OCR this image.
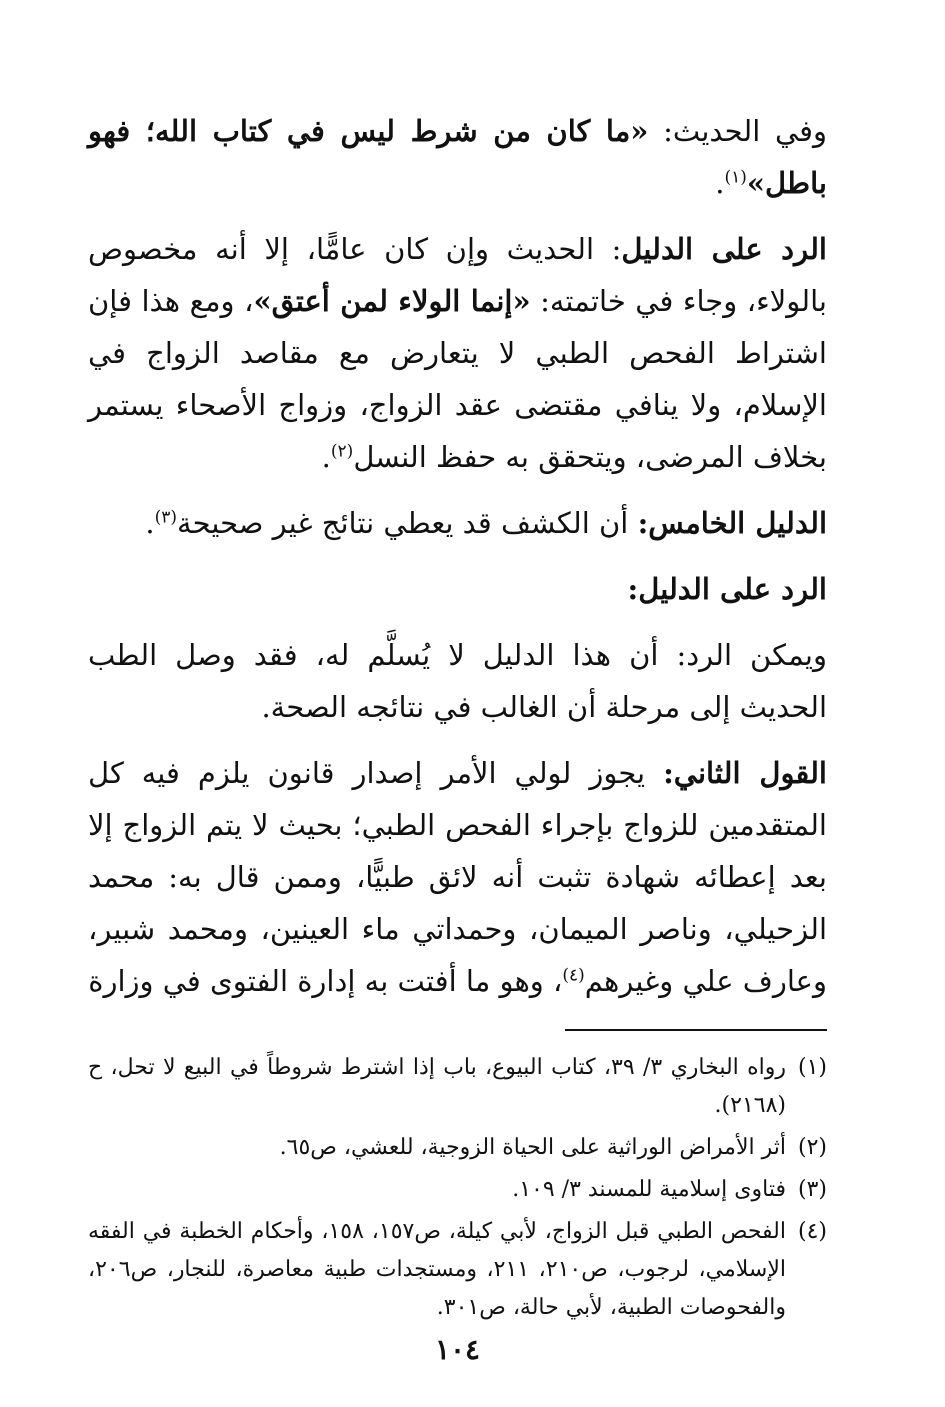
وفي الحديث: «ما كان من شرط ليس في كتاب الله؛ فهو باطل»$^{(١)}$.

الرد على الدليل: الحديث وإن كان عامًّا، إلا أنه مخصوص بالولاء، وجاء في خاتمته: «إنما الولاء لمن أعتق»، ومع هذا فإن اشتراط الفحص الطبي لا يتعارض مع مقاصد الزواج في الإسلام، ولا ينافي مقتضى عقد الزواج، وزواج الأصحاء يستمر بخلاف المرضى، ويتحقق به حفظ النسل$^{(٢)}$.

الدليل الخامس: أن الكشف قد يعطي نتائج غير صحيحة$^{(٣)}$.

الرد على الدليل:

ويمكن الرد: أن هذا الدليل لا يُسلَّم له، فقد وصل الطب الحديث إلى مرحلة أن الغالب في نتائجه الصحة.

القول الثاني: يجوز لولي الأمر إصدار قانون يلزم فيه كل المتقدمين للزواج بإجراء الفحص الطبي؛ بحيث لا يتم الزواج إلا بعد إعطائه شهادة تثبت أنه لائق طبيًّا، وممن قال به: محمد الزحيلي، وناصر الميمان، وحمداتي ماء العينين، ومحمد شبير، وعارف علي وغيرهم$^{(٤)}$، وهو ما أفتت به إدارة الفتوى في وزارة

(١)
رواه البخاري ٣/ ٣٩، كتاب البيوع، باب إذا اشترط شروطاً في البيع لا تحل، ح (٢١٦٨).
(٢)
أثر الأمراض الوراثية على الحياة الزوجية، للعشي، ص٦٥.
(٣)
فتاوى إسلامية للمسند ٣/ ١٠٩.
(٤)
الفحص الطبي قبل الزواج، لأبي كيلة، ص١٥٧، ١٥٨، وأحكام الخطبة في الفقه الإسلامي، لرجوب، ص٢١٠، ٢١١، ومستجدات طبية معاصرة، للنجار، ص٢٠٦، والفحوصات الطبية، لأبي حالة، ص٣٠١.
١٠٤
